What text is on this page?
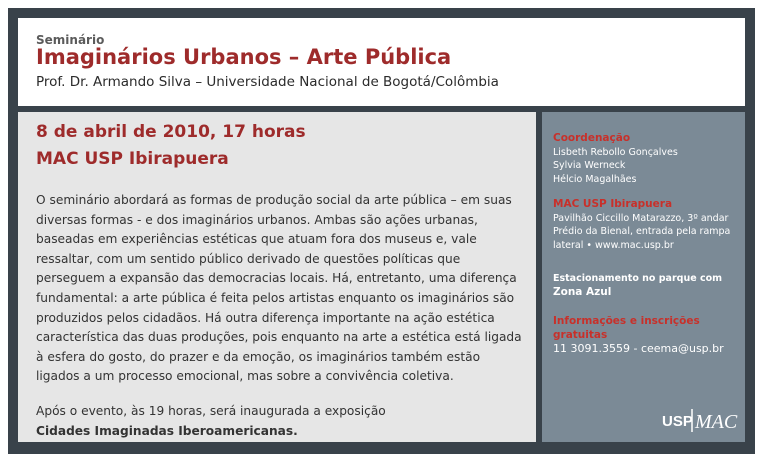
Seminário
Imaginários Urbanos – Arte Pública
Prof. Dr. Armando Silva – Universidade Nacional de Bogotá/Colômbia
8 de abril de 2010, 17 horas
MAC USP Ibirapuera
O seminário abordará as formas de produção social da arte pública – em suas diversas formas - e dos imaginários urbanos. Ambas são ações urbanas, baseadas em experiências estéticas que atuam fora dos museus e, vale ressaltar, com um sentido público derivado de questões políticas que perseguem a expansão das democracias locais. Há, entretanto, uma diferença fundamental: a arte pública é feita pelos artistas enquanto os imaginários são produzidos pelos cidadãos. Há outra diferença importante na ação estética característica das duas produções, pois enquanto na arte a estética está ligada à esfera do gosto, do prazer e da emoção, os imaginários também estão ligados a um processo emocional, mas sobre a convivência coletiva.
Após o evento, às 19 horas, será inaugurada a exposição
Cidades Imaginadas Iberoamericanas.
Coordenação
Lisbeth Rebollo Gonçalves
Sylvia Werneck
Hélcio Magalhães
MAC USP Ibirapuera
Pavilhão Ciccillo Matarazzo, 3º andar
Prédio da Bienal, entrada pela rampa
lateral • www.mac.usp.br
Estacionamento no parque com
Zona Azul
Informações e inscrições gratuitas
11 3091.3559 - ceema@usp.br
USP MAC
